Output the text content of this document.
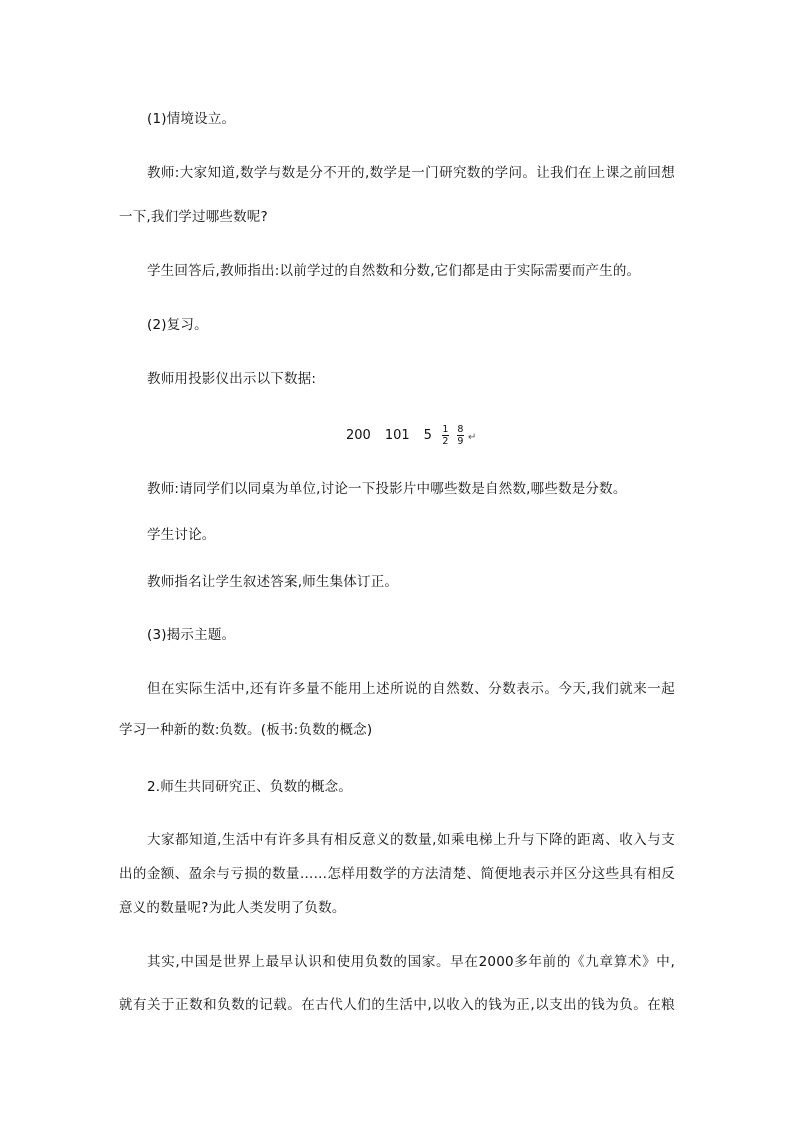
(1)情境设立。
教师:大家知道,数学与数是分不开的,数学是一门研究数的学问。让我们在上课之前回想
一下,我们学过哪些数呢?
学生回答后,教师指出:以前学过的自然数和分数,它们都是由于实际需要而产生的。
(2)复习。
教师用投影仪出示以下数据:
200 101 $5 \frac{1}{2} \frac{8}{9}$ ↵
教师:请同学们以同桌为单位,讨论一下投影片中哪些数是自然数,哪些数是分数。
学生讨论。
教师指名让学生叙述答案,师生集体订正。
(3)揭示主题。
但在实际生活中,还有许多量不能用上述所说的自然数、分数表示。今天,我们就来一起
学习一种新的数:负数。(板书:负数的概念)
2.师生共同研究正、负数的概念。
大家都知道,生活中有许多具有相反意义的数量,如乘电梯上升与下降的距离、收入与支
出的金额、盈余与亏损的数量……怎样用数学的方法清楚、简便地表示并区分这些具有相反
意义的数量呢?为此人类发明了负数。
其实,中国是世界上最早认识和使用负数的国家。早在2000多年前的《九章算术》中,
就有关于正数和负数的记载。在古代人们的生活中,以收入的钱为正,以支出的钱为负。在粮
